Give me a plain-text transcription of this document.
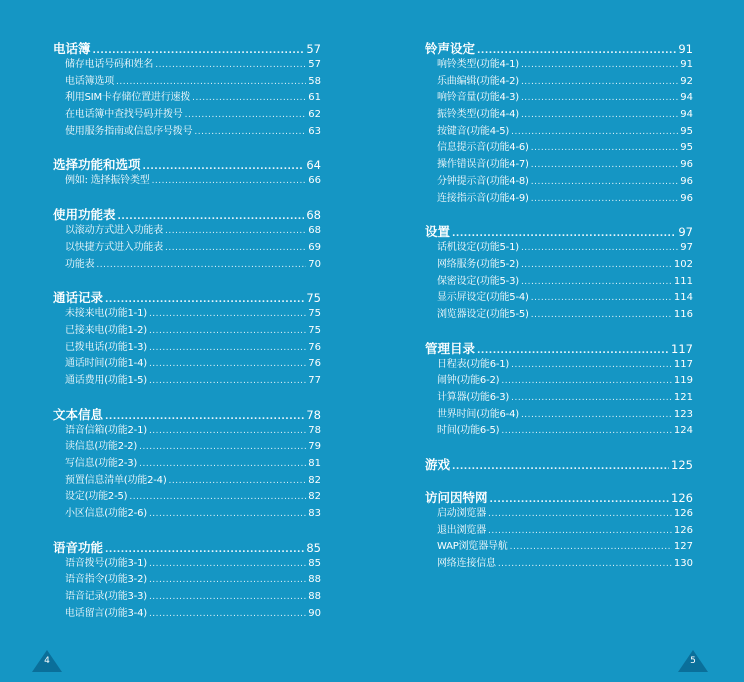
电话簿 .....	57
储存电话号码和姓名 .....	57
电话簿选项 .....	58
利用SIM卡存储位置进行速拨 .....	61
在电话簿中查找号码并拨号 .....	62
使用服务指南或信息序号拨号 .....	63
选择功能和选项 .....	64
例如: 选择振铃类型 .....	66
使用功能表 .....	68
以滚动方式进入功能表 .....	68
以快捷方式进入功能表 .....	69
功能表 .....	70
通话记录 .....	75
未接来电(功能1-1) .....	75
已接来电(功能1-2) .....	75
已拨电话(功能1-3) .....	76
通话时间(功能1-4) .....	76
通话费用(功能1-5) .....	77
文本信息 .....	78
语音信箱(功能2-1) .....	78
读信息(功能2-2) .....	79
写信息(功能2-3) .....	81
预置信息清单(功能2-4) .....	82
设定(功能2-5) .....	82
小区信息(功能2-6) .....	83
语音功能 .....	85
语音拨号(功能3-1) .....	85
语音指令(功能3-2) .....	88
语音记录(功能3-3) .....	88
电话留言(功能3-4) .....	90
铃声设定 .....	91
响铃类型(功能4-1) .....	91
乐曲编辑(功能4-2) .....	92
响铃音量(功能4-3) .....	94
振铃类型(功能4-4) .....	94
按键音(功能4-5) .....	95
信息提示音(功能4-6) .....	95
操作错误音(功能4-7) .....	96
分钟提示音(功能4-8) .....	96
连接指示音(功能4-9) .....	96
设置 .....	97
话机设定(功能5-1) .....	97
网络服务(功能5-2) .....	102
保密设定(功能5-3) .....	111
显示屏设定(功能5-4) .....	114
浏览器设定(功能5-5) .....	116
管理目录 .....	117
日程表(功能6-1) .....	117
闹钟(功能6-2) .....	119
计算器(功能6-3) .....	121
世界时间(功能6-4) .....	123
时间(功能6-5) .....	124
游戏 .....	125
访问因特网 .....	126
启动浏览器 .....	126
退出浏览器 .....	126
WAP浏览器导航 .....	127
网络连接信息 .....	130
4	5
